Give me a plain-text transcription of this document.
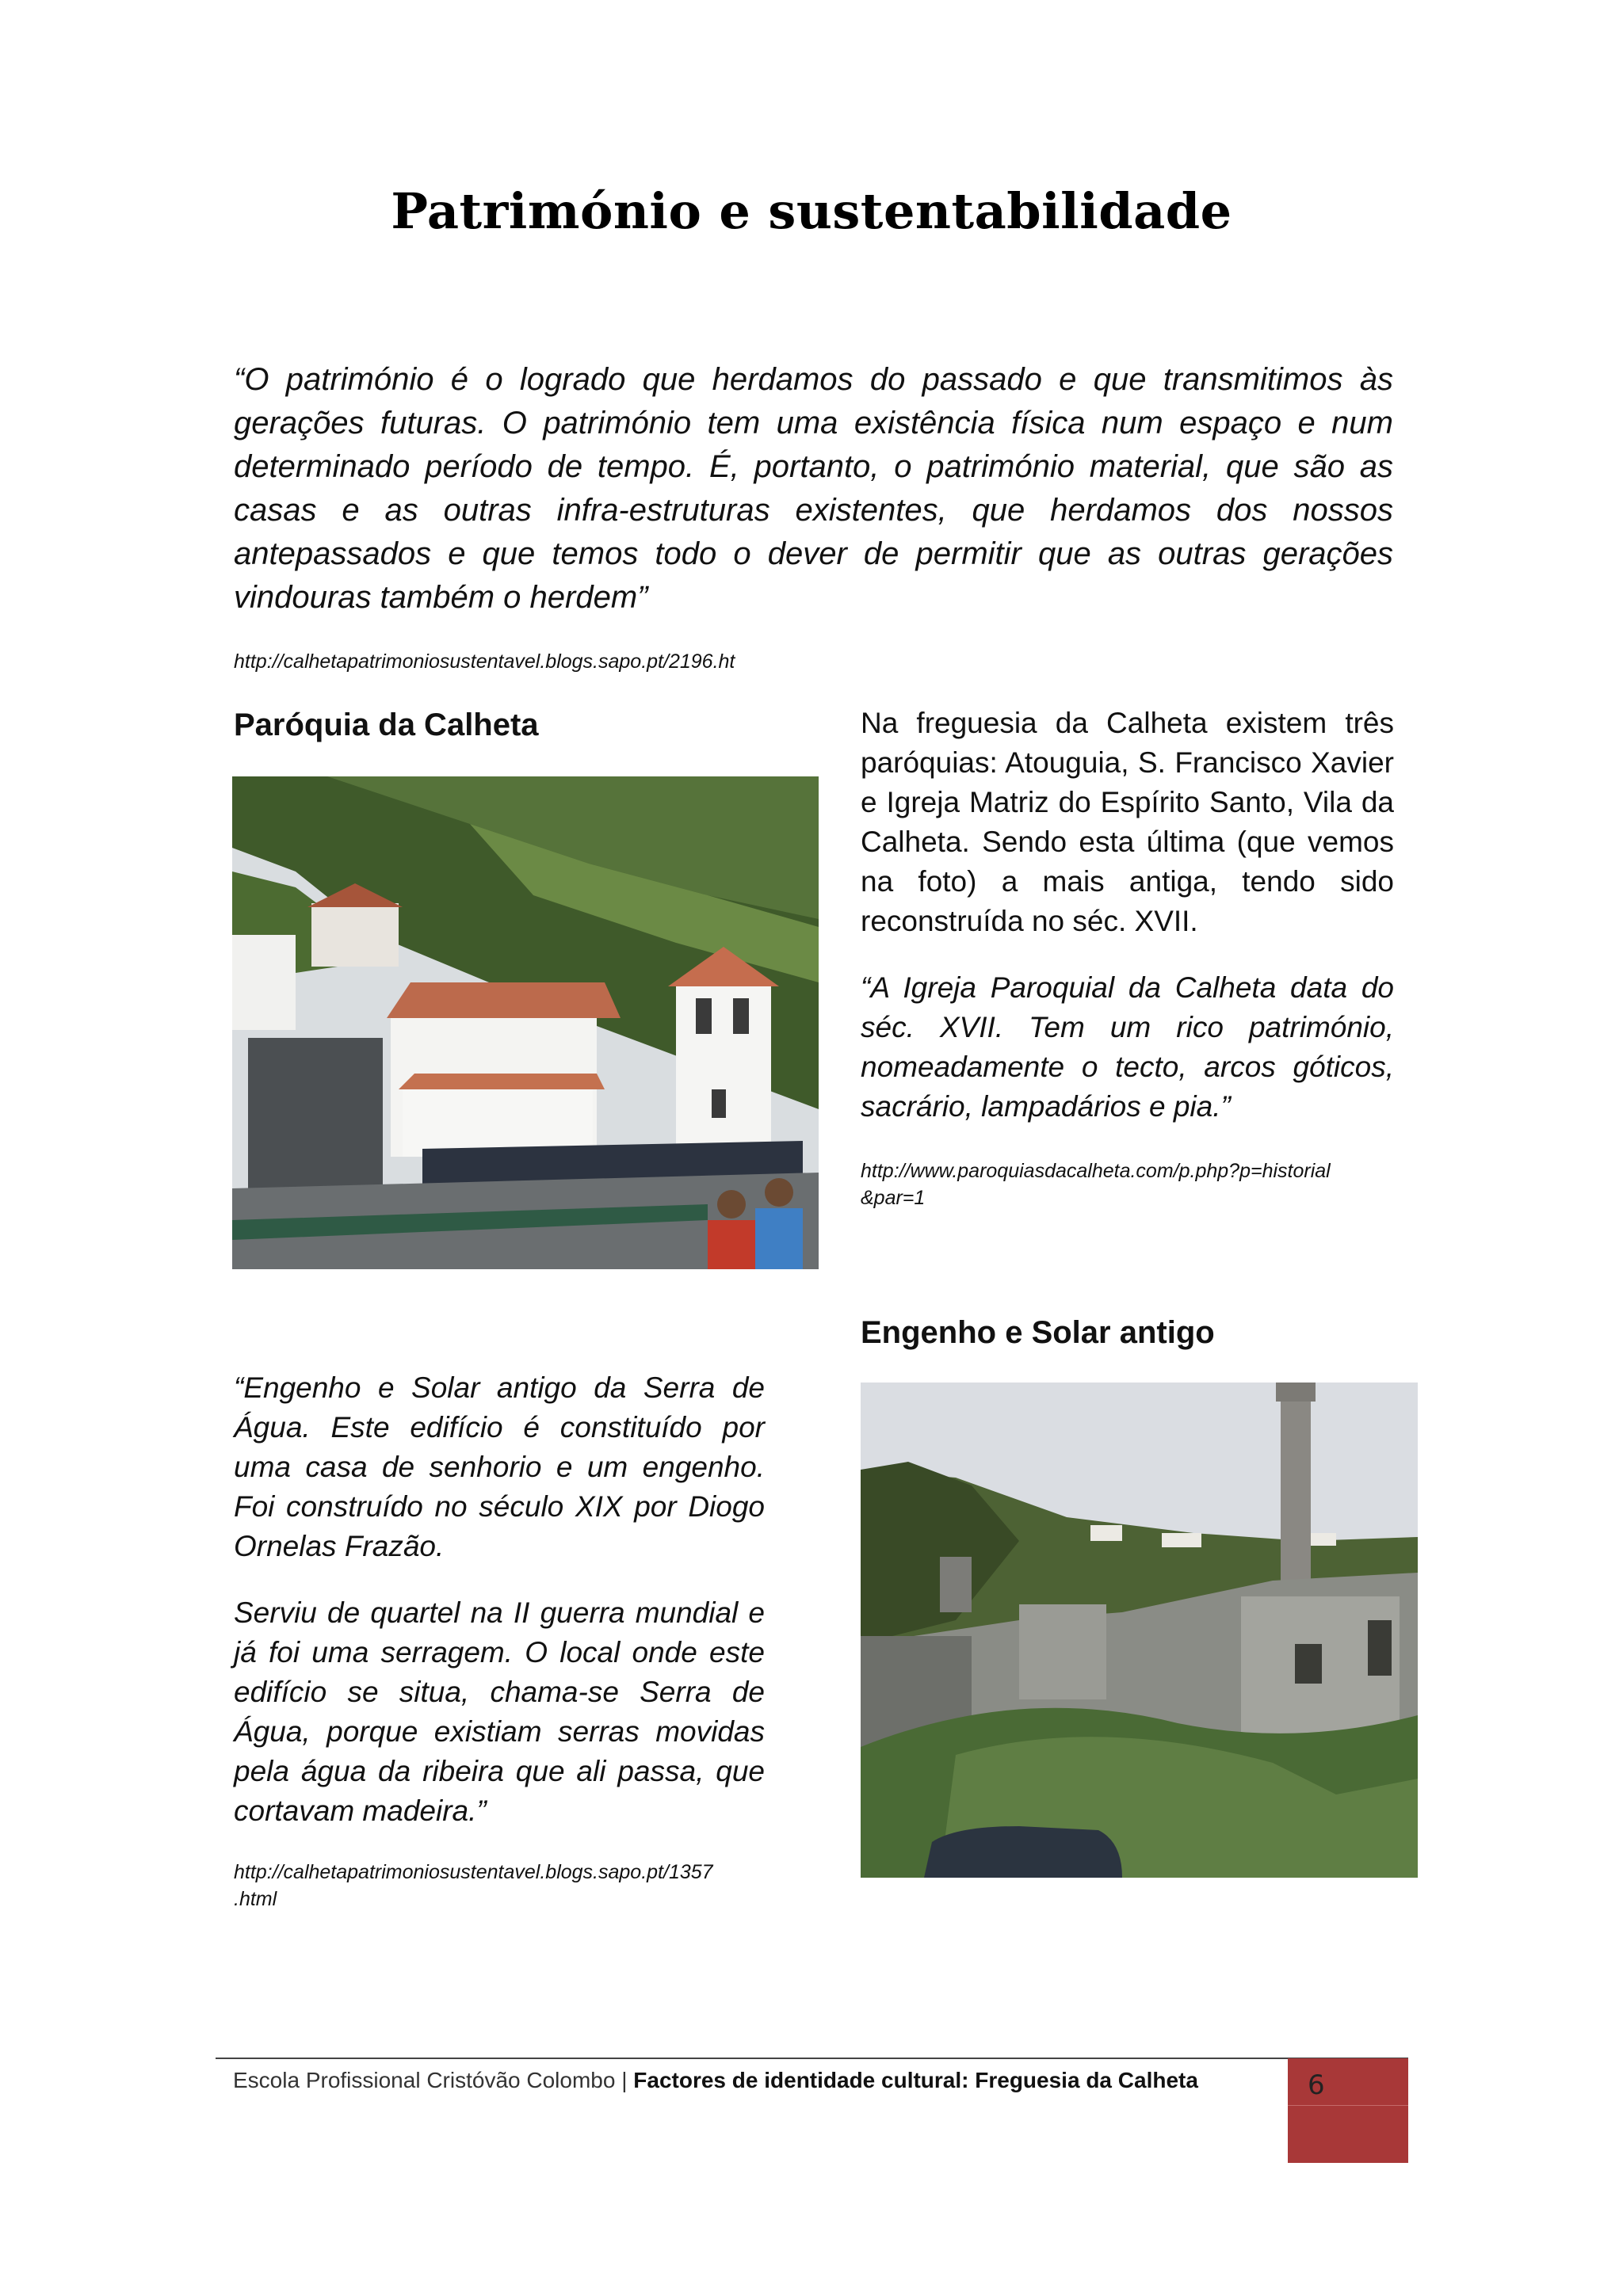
Património e sustentabilidade
“O património é o logrado que herdamos do passado e que transmitimos às gerações futuras. O património tem uma existência física num espaço e num determinado período de tempo. É, portanto, o património material, que são as casas e as outras infra-estruturas existentes, que herdamos dos nossos antepassados e que temos todo o dever de permitir que as outras gerações vindouras também o herdem”
http://calhetapatrimoniosustentavel.blogs.sapo.pt/2196.ht
Paróquia da Calheta	Na freguesia da Calheta existem três paróquias: Atouguia, S. Francisco Xavier e Igreja Matriz do Espírito Santo, Vila da Calheta. Sendo esta última (que vemos na foto) a mais antiga, tendo sido reconstruída no séc. XVII.
“A Igreja Paroquial da Calheta data do séc. XVII. Tem um rico património, nomeadamente o tecto, arcos góticos, sacrário, lampadários e pia.”
http://www.paroquiasdacalheta.com/p.php?p=historial
&par=1
Engenho e Solar antigo
“Engenho e Solar antigo da Serra de Água. Este edifício é constituído por uma casa de senhorio e um engenho. Foi construído no século XIX por Diogo Ornelas Frazão.
Serviu de quartel na II guerra mundial e já foi uma serragem. O local onde este edifício se situa, chama-se Serra de Água, porque existiam serras movidas pela água da ribeira que ali passa, que cortavam madeira.”
http://calhetapatrimoniosustentavel.blogs.sapo.pt/1357
.html
Escola Profissional Cristóvão Colombo | Factores de identidade cultural: Freguesia da Calheta	6
